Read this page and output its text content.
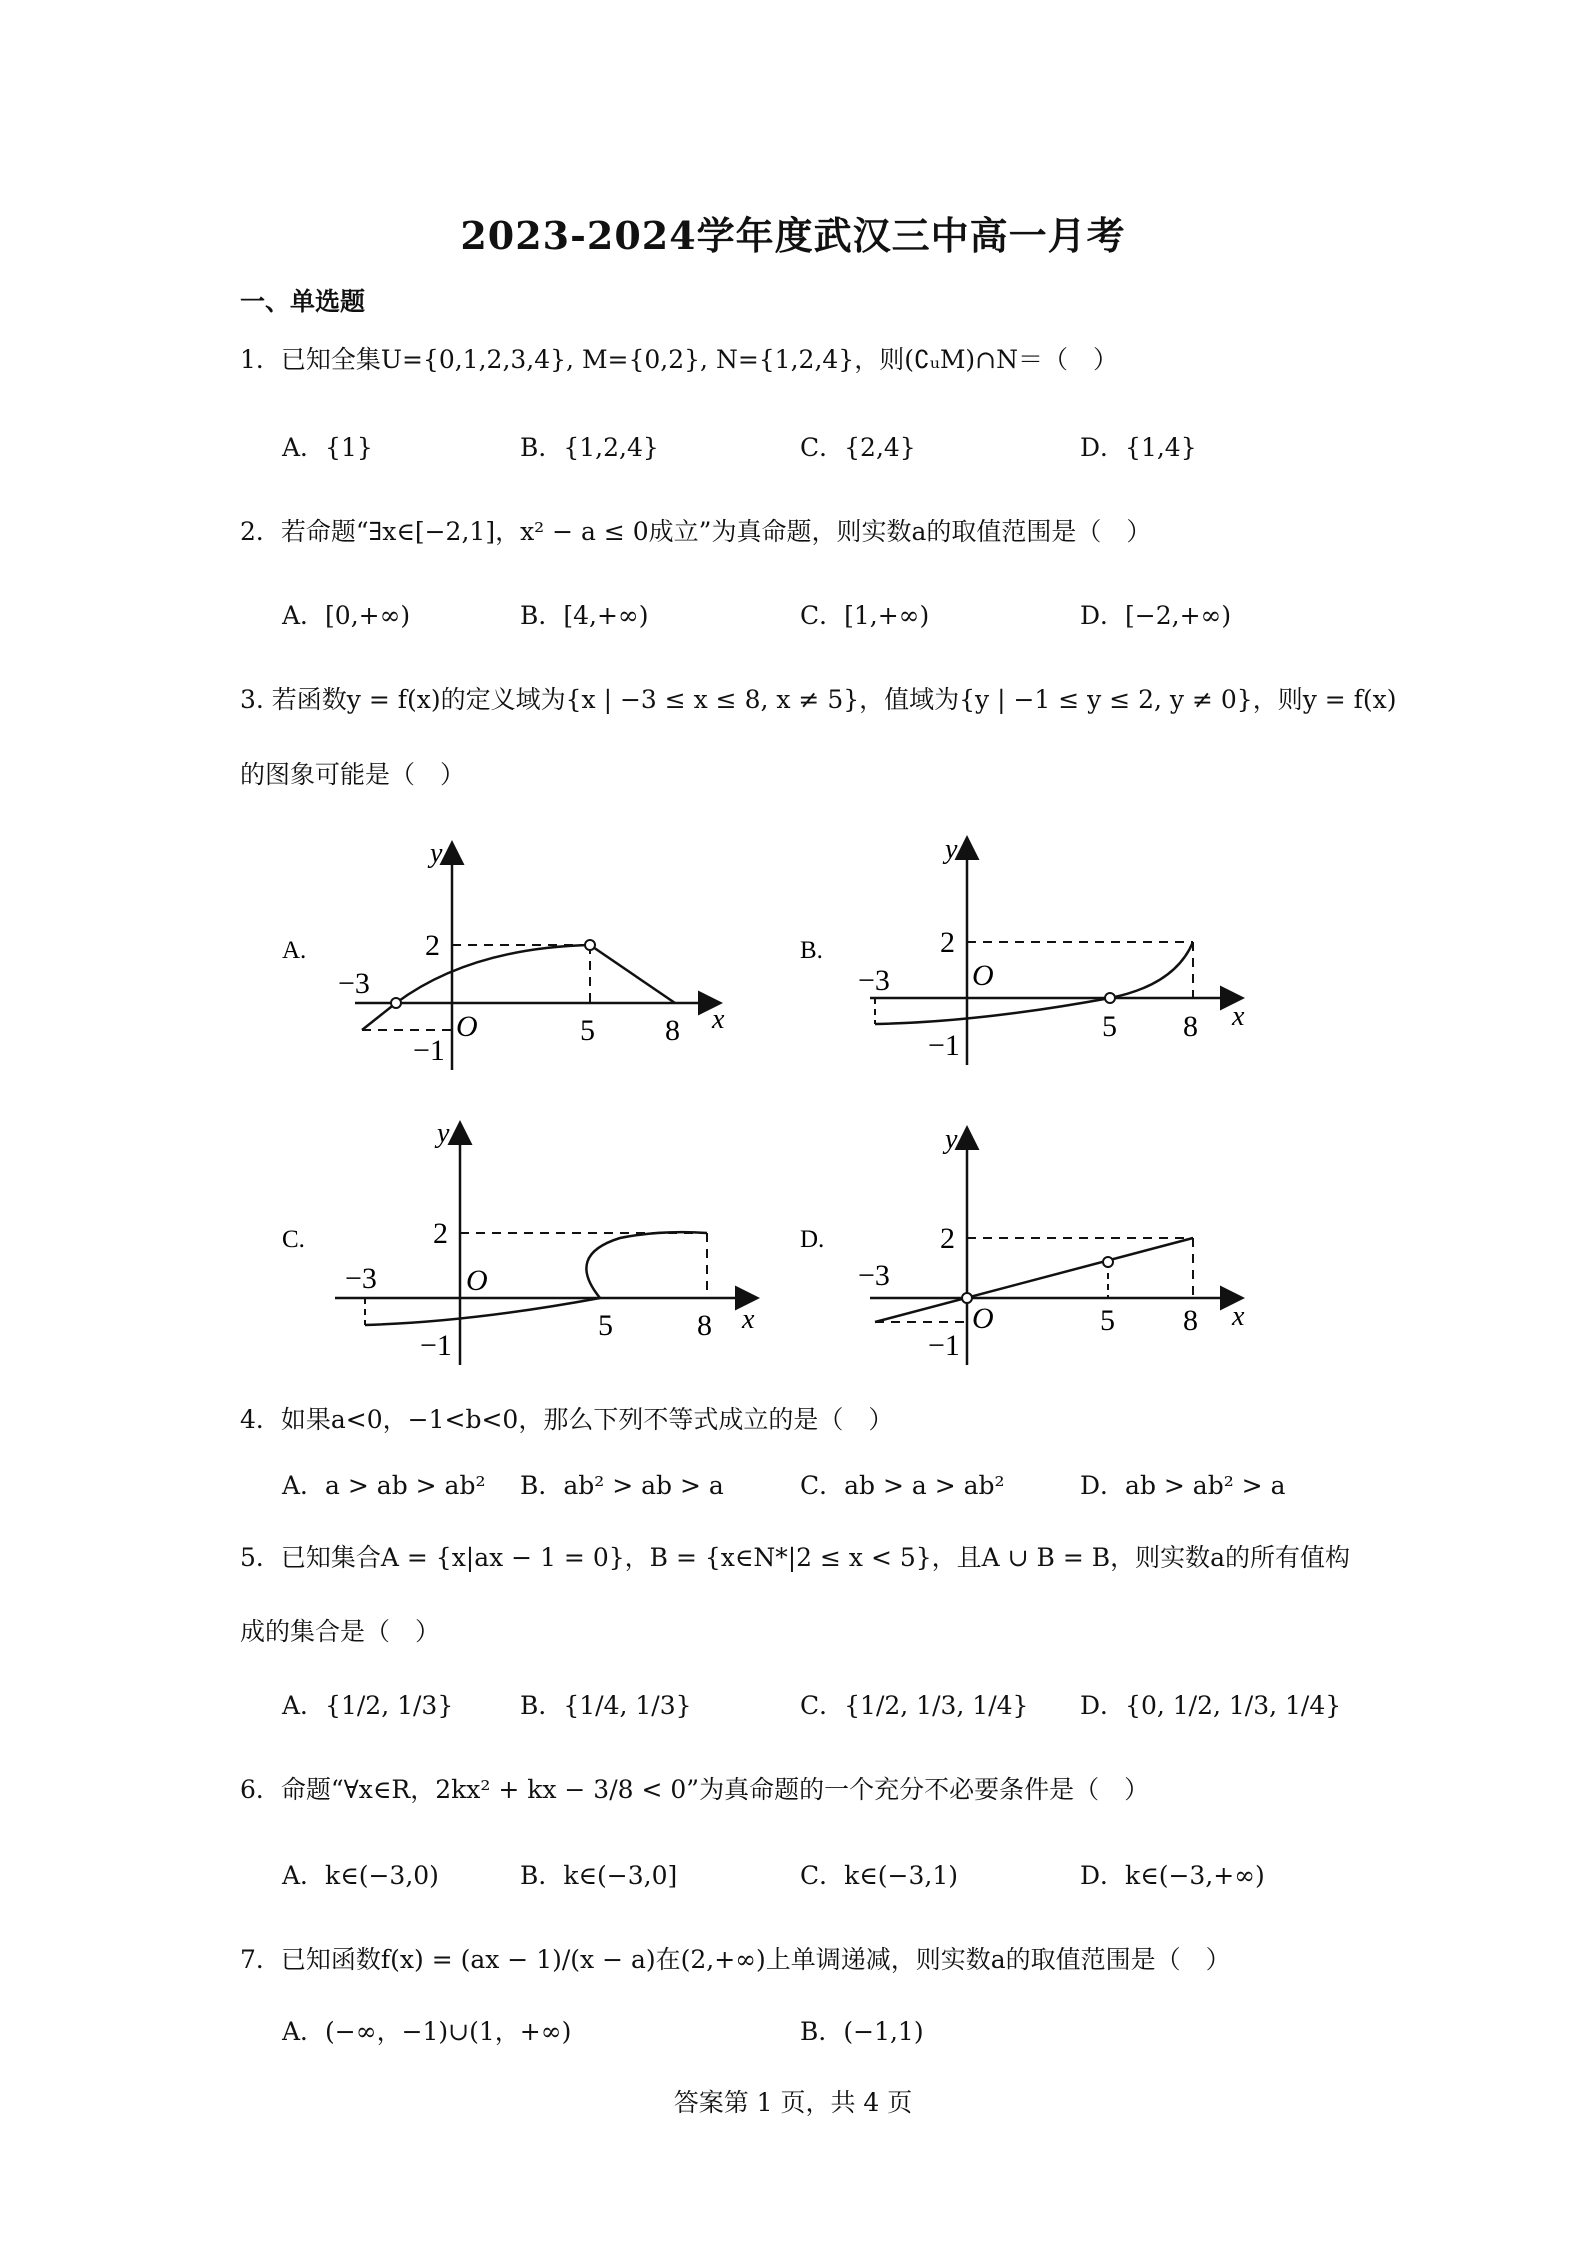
2023-2024学年度武汉三中高一月考
一、单选题
1．已知全集U={0,1,2,3,4}, M={0,2}, N={1,2,4}，则(∁ᵤM)∩N＝（　）
A．{1}	B．{1,2,4}	C．{2,4}	D．{1,4}
2．若命题“∃x∈[−2,1]，x² − a ≤ 0成立”为真命题，则实数a的取值范围是（　）
A．[0,+∞)	B．[4,+∞)	C．[1,+∞)	D．[−2,+∞)
3. 若函数y = f(x)的定义域为{x | −3 ≤ x ≤ 8, x ≠ 5}，值域为{y | −1 ≤ y ≤ 2, y ≠ 0}，则y = f(x)
的图象可能是（　）
A.
y
x
2
−3
O	5 8
−1
B.
y
x
2
−3	O
5 8
−1
C.
y
x
2
−3	O
5	8
−1
D.
y
x
2
−3
O	5 8
−1
4．如果a<0，−1<b<0，那么下列不等式成立的是（　）
A．a > ab > ab² B．ab² > ab > a	C．ab > a > ab²	D．ab > ab² > a
5．已知集合A = {x|ax − 1 = 0}，B = {x∈N*|2 ≤ x < 5}，且A ∪ B = B，则实数a的所有值构
成的集合是（　）
A．{1/2, 1/3}	B．{1/4, 1/3}	C．{1/2, 1/3, 1/4} D．{0, 1/2, 1/3, 1/4}
6．命题“∀x∈R，2kx² + kx − 3/8 < 0”为真命题的一个充分不必要条件是（　）
A．k∈(−3,0)	B．k∈(−3,0]	C．k∈(−3,1)	D．k∈(−3,+∞)
7．已知函数f(x) = (ax − 1)/(x − a)在(2,+∞)上单调递减，则实数a的取值范围是（　）
A．(−∞，−1)∪(1，+∞)	B．(−1,1)
答案第 1 页，共 4 页
